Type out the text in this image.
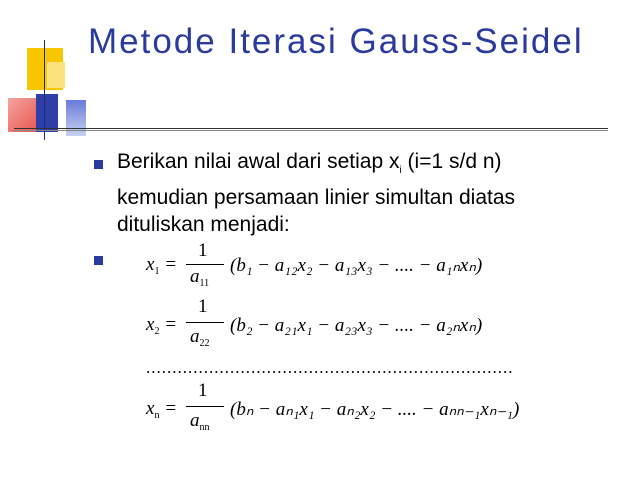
Metode Iterasi Gauss-Seidel
Berikan nilai awal dari setiap $x_i$ (i=1 s/d n)
kemudian persamaan linier simultan diatas
dituliskan menjadi:
$x_1$ =
1
$a_{11}$
(b₁ − a₁₂x₂ − a₁₃x₃ − .... − a₁ₙxₙ)
$x_2$ =
1
$a_{22}$
(b₂ − a₂₁x₁ − a₂₃x₃ − .... − a₂ₙxₙ)
......................................................................
$x_n$ =
1
$a_{nn}$
(bₙ − aₙ₁x₁ − aₙ₂x₂ − .... − aₙₙ₋₁xₙ₋₁)
